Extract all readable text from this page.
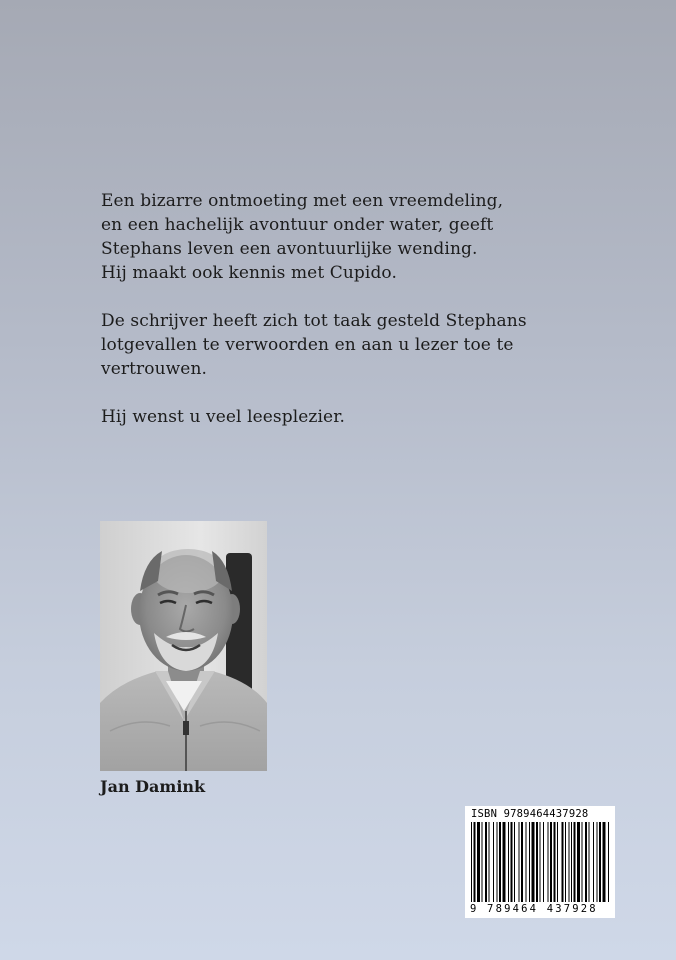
Een bizarre ontmoeting met een vreemdeling,

en een hachelijk avontuur onder water, geeft

Stephans leven een avontuurlijke wending.

Hij maakt ook kennis met Cupido.

De schrijver heeft zich tot taak gesteld Stephans

lotgevallen te verwoorden en aan u lezer toe te

vertrouwen.

Hij wenst u veel leesplezier.

Jan Damink
ISBN 9789464437928
9 789464 437928
